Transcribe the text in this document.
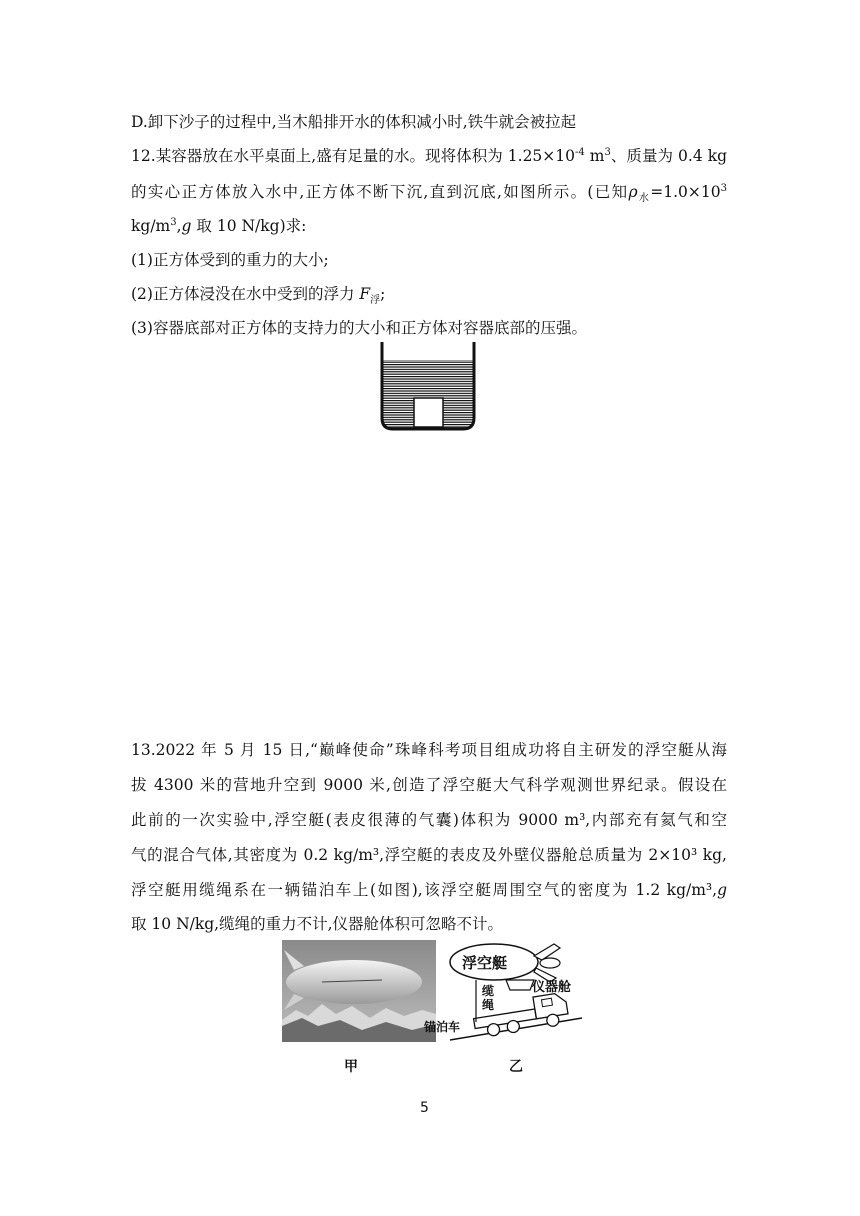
D.卸下沙子的过程中,当木船排开水的体积减小时,铁牛就会被拉起
12.某容器放在水平桌面上,盛有足量的水。现将体积为 $1.25\times 10^{-4}$ $m^3$、质量为 0.4 kg
的实心正方体放入水中,正方体不断下沉,直到沉底,如图所示。(已知$\rho_水=1.0\times 10^3$
$kg/m^3,g$ 取 10 N/kg)求:
(1)正方体受到的重力的大小;
(2)正方体浸没在水中受到的浮力 $F_浮$;
(3)容器底部对正方体的支持力的大小和正方体对容器底部的压强。
13.2022 年 5 月 15 日,“巅峰使命”珠峰科考项目组成功将自主研发的浮空艇从海
拔 4300 米的营地升空到 9000 米,创造了浮空艇大气科学观测世界纪录。假设在
此前的一次实验中,浮空艇(表皮很薄的气囊)体积为 9000 m³,内部充有氦气和空
气的混合气体,其密度为 0.2 kg/m³,浮空艇的表皮及外壁仪器舱总质量为 2×10³ kg,
浮空艇用缆绳系在一辆锚泊车上(如图),该浮空艇周围空气的密度为 1.2 kg/m³,g
取 10 N/kg,缆绳的重力不计,仪器舱体积可忽略不计。
浮空艇
缆绳
仪器舱
锚泊车
甲	乙
5
